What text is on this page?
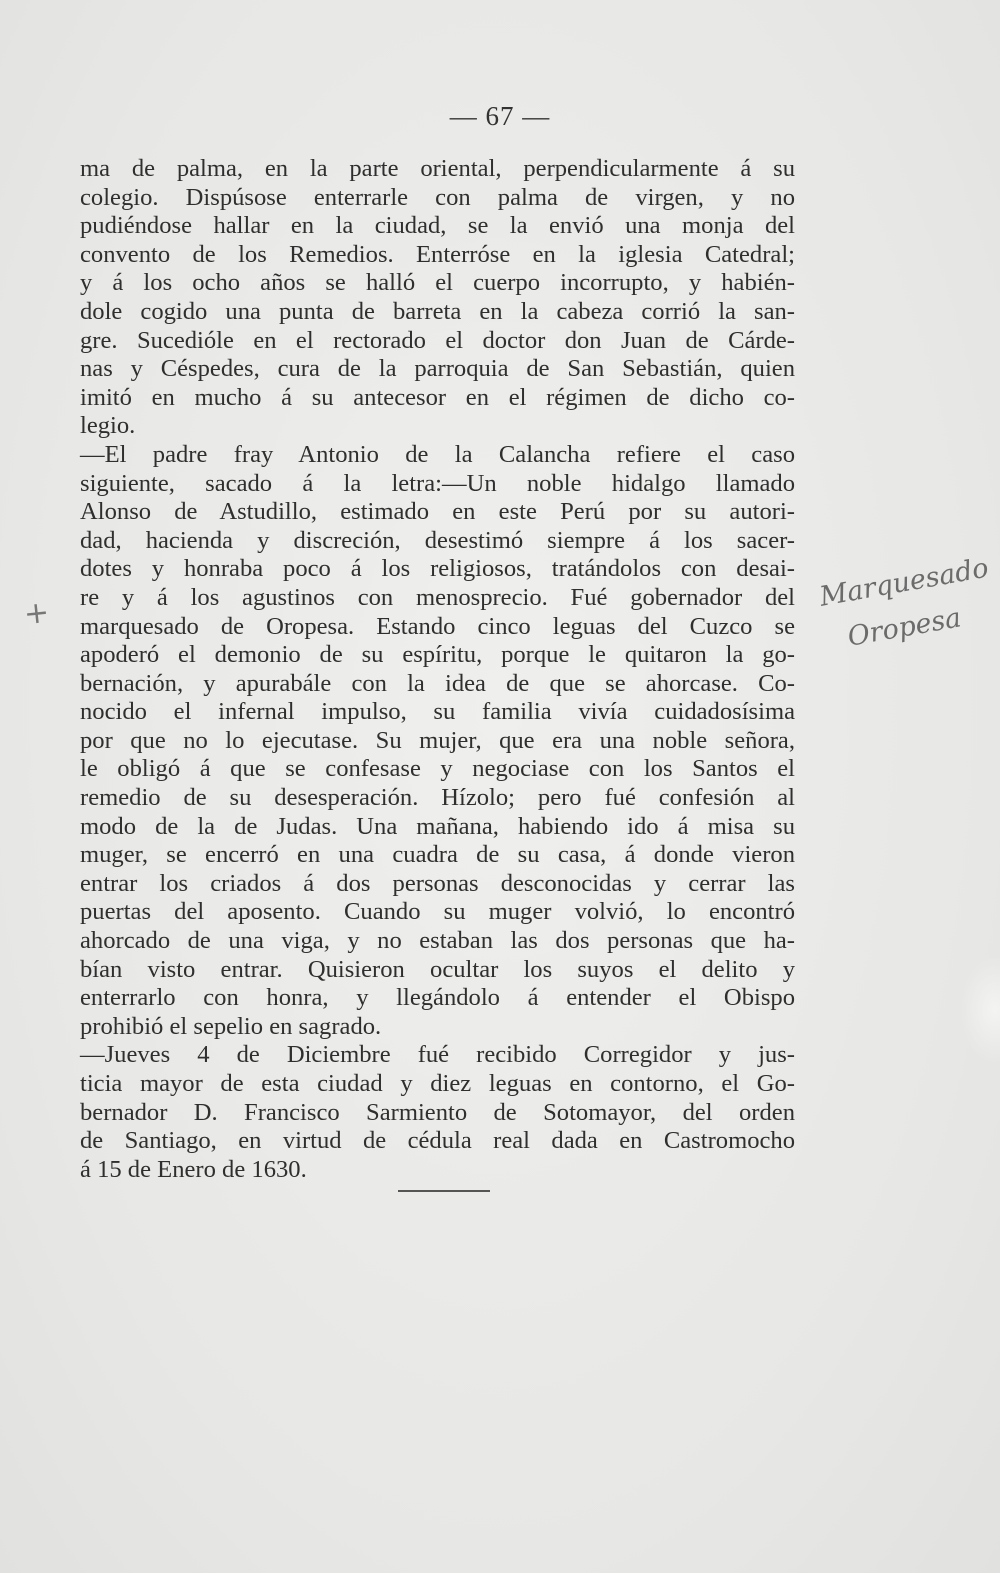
— 67 —
ma de palma, en la parte oriental, perpendicularmente á su
colegio. Dispúsose enterrarle con palma de virgen, y no
pudiéndose hallar en la ciudad, se la envió una monja del
convento de los Remedios. Enterróse en la iglesia Catedral;
y á los ocho años se halló el cuerpo incorrupto, y habién-
dole cogido una punta de barreta en la cabeza corrió la san-
gre. Sucedióle en el rectorado el doctor don Juan de Cárde-
nas y Céspedes, cura de la parroquia de San Sebastián, quien
imitó en mucho á su antecesor en el régimen de dicho co-
legio.
—El padre fray Antonio de la Calancha refiere el caso
siguiente, sacado á la letra:—Un noble hidalgo llamado
Alonso de Astudillo, estimado en este Perú por su autori-
dad, hacienda y discreción, desestimó siempre á los sacer-
dotes y honraba poco á los religiosos, tratándolos con desai-
re y á los agustinos con menosprecio. Fué gobernador del
marquesado de Oropesa. Estando cinco leguas del Cuzco se
apoderó el demonio de su espíritu, porque le quitaron la go-
bernación, y apurabále con la idea de que se ahorcase. Co-
nocido el infernal impulso, su familia vivía cuidadosísima
por que no lo ejecutase. Su mujer, que era una noble señora,
le obligó á que se confesase y negociase con los Santos el
remedio de su desesperación. Hízolo; pero fué confesión al
modo de la de Judas. Una mañana, habiendo ido á misa su
muger, se encerró en una cuadra de su casa, á donde vieron
entrar los criados á dos personas desconocidas y cerrar las
puertas del aposento. Cuando su muger volvió, lo encontró
ahorcado de una viga, y no estaban las dos personas que ha-
bían visto entrar. Quisieron ocultar los suyos el delito y
enterrarlo con honra, y llegándolo á entender el Obispo
prohibió el sepelio en sagrado.
—Jueves 4 de Diciembre fué recibido Corregidor y jus-
ticia mayor de esta ciudad y diez leguas en contorno, el Go-
bernador D. Francisco Sarmiento de Sotomayor, del orden
de Santiago, en virtud de cédula real dada en Castromocho
á 15 de Enero de 1630.
+
Marquesado
Oropesa
